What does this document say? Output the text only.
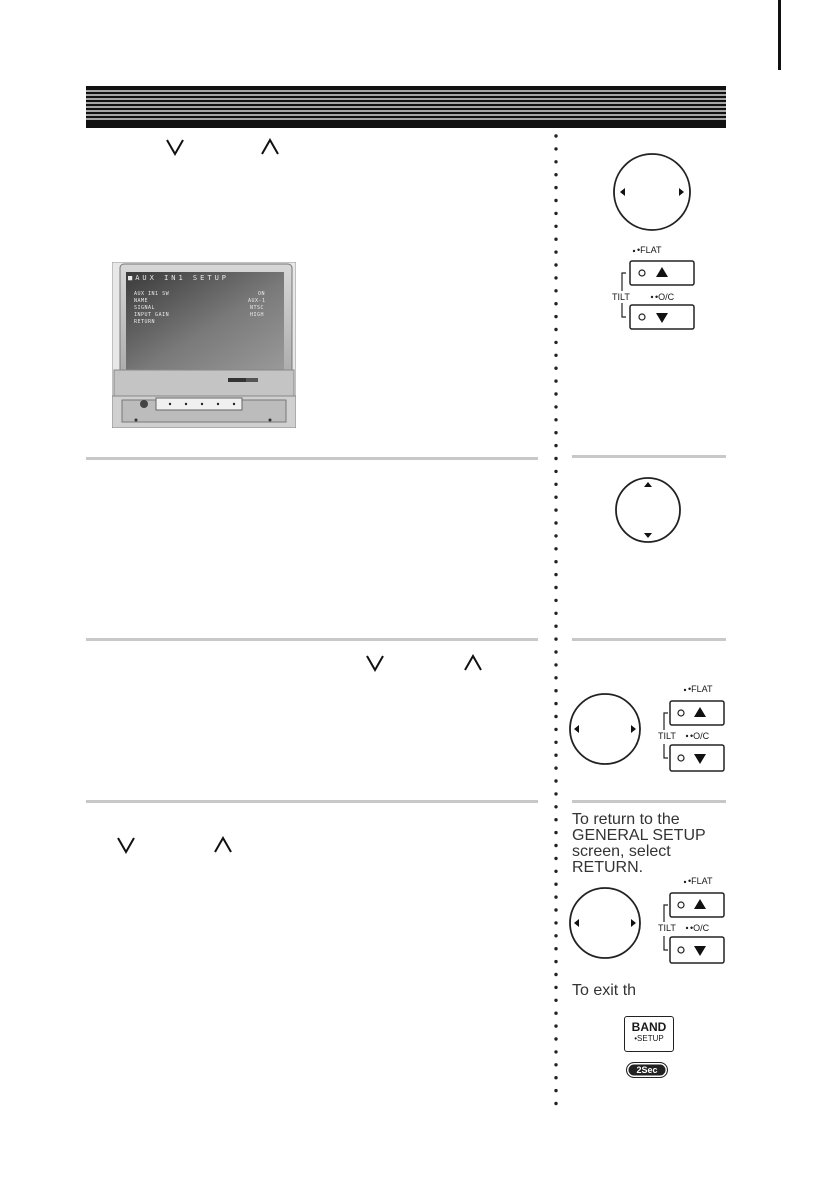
■AUX IN1 SETUP
AUX IN1 SW	ON
NAME	AUX-1
SIGNAL	NTSC
INPUT GAIN	HIGH
RETURN
•FLAT
TILT	•O/C
•FLAT
TILT •O/C
To return to the
GENERAL SETUP
screen, select
RETURN.
•FLAT
TILT •O/C
To exit th
BAND
•SETUP
2Sec
